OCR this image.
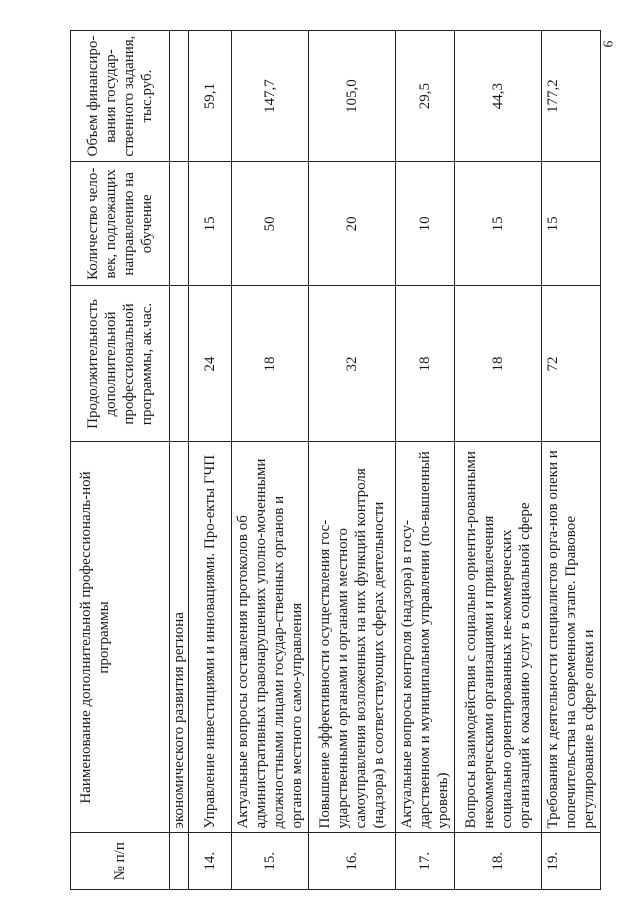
9
№ п/п	Наименование дополнительной профессиональ-ной программы	Продолжительность дополнительной профессиональной программы, ак.час.	Количество чело-век, подлежащих направлению на обучение	Объем финансиро-вания государ-ственного задания, тыс.руб.
	экономического развития региона			
14.	Управление инвестициями и инновациями. Про-екты ГЧП	24	15	59,1
15.	Актуальные вопросы составления протоколов об административных правонарушениях уполно-моченными должностными лицами государ-ственных органов и органов местного само-управления	18	50	147,7
16.	Повышение эффективности осуществления гос-ударственными органами и органами местного самоуправления возложенных на них функций контроля (надзора) в соответствующих сферах деятельности	32	20	105,0
17.	Актуальные вопросы контроля (надзора) в госу-дарственном и муниципальном управлении (по-вышенный уровень)	18	10	29,5
18.	Вопросы взаимодействия с социально ориенти-рованными некоммерческими организациями и привлечения социально ориентированных не-коммерческих организаций к оказанию услуг в социальной сфере	18	15	44,3
19.	Требования к деятельности специалистов орга-нов опеки и попечительства на современном этапе. Правовое регулирование в сфере опеки и	72	15	177,2
